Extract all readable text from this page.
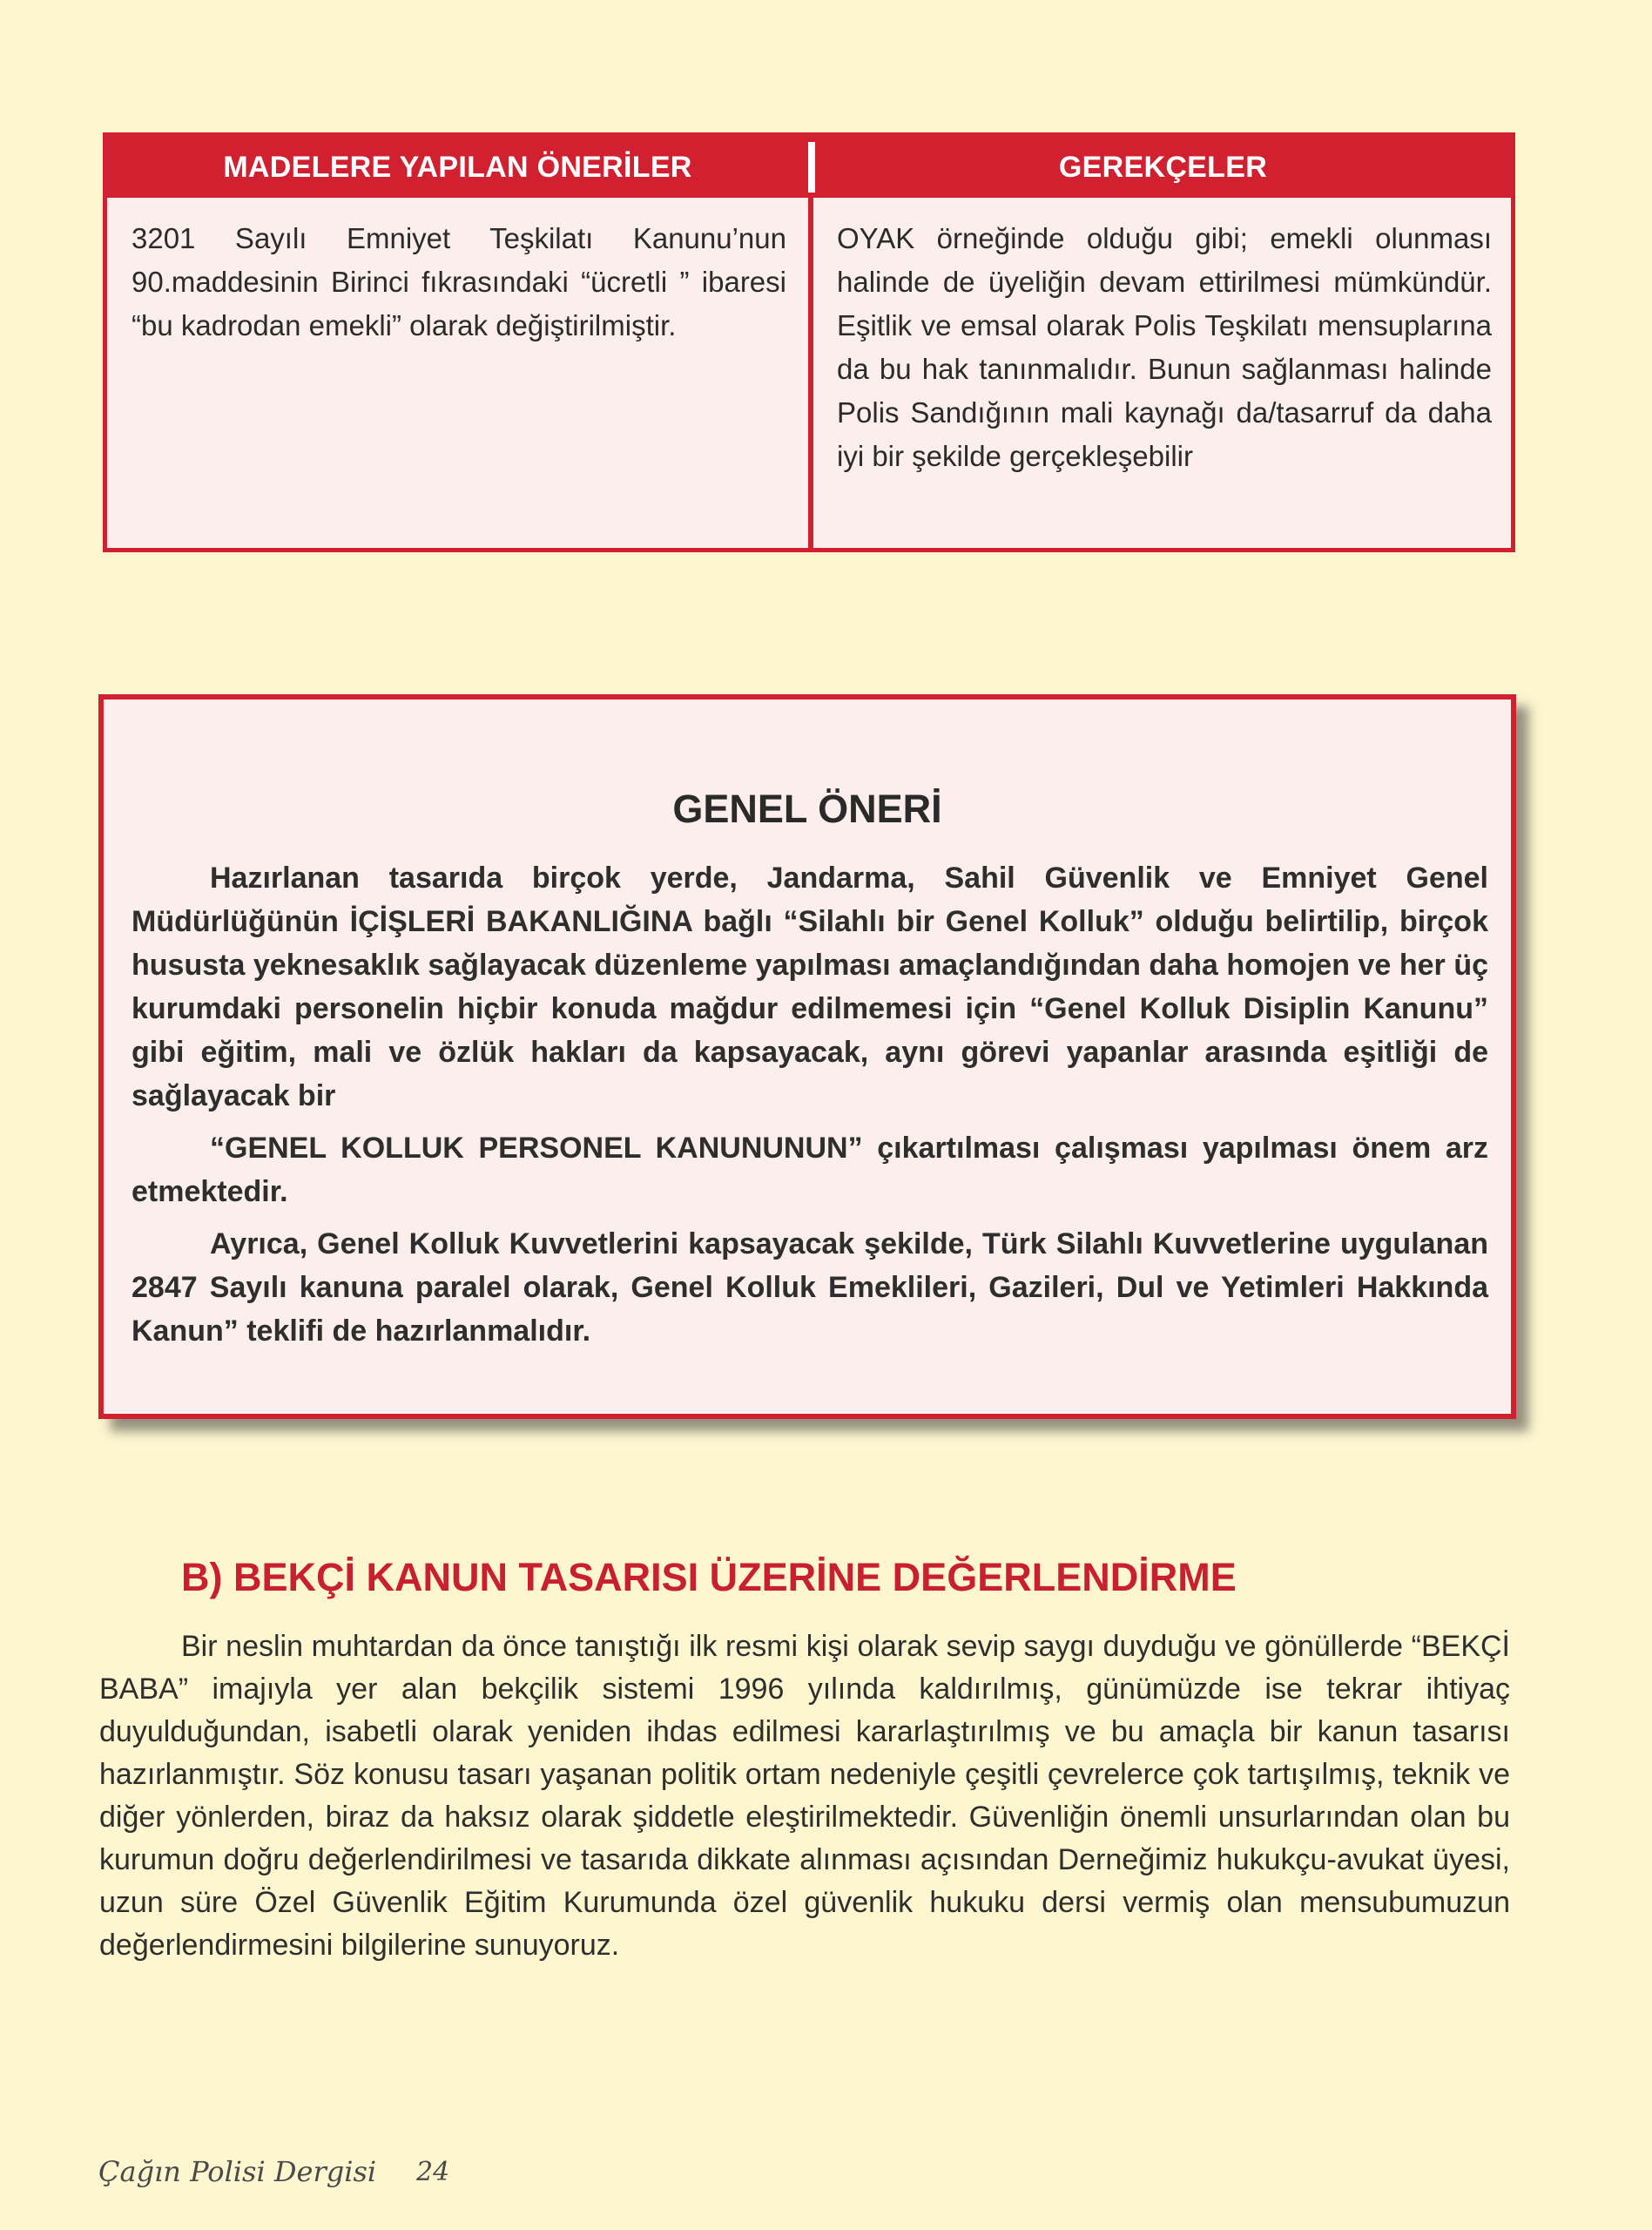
MADELERE YAPILAN ÖNERİLER	GEREKÇELER
3201 Sayılı Emniyet Teşkilatı Kanunu’nun 90.maddesinin Birinci fıkrasındaki “ücretli ” ibaresi “bu kadrodan emekli” olarak değiştirilmiştir.
OYAK örneğinde olduğu gibi; emekli olunması halinde de üyeliğin devam ettirilmesi mümkündür. Eşitlik ve emsal olarak Polis Teşkilatı mensuplarına da bu hak tanınmalıdır. Bunun sağlanması halinde Polis Sandığının mali kaynağı da/tasarruf da daha iyi bir şekilde gerçekleşebilir
GENEL ÖNERİ

Hazırlanan tasarıda birçok yerde, Jandarma, Sahil Güvenlik ve Emniyet Genel Müdürlüğünün İÇİŞLERİ BAKANLIĞINA bağlı “Silahlı bir Genel Kolluk” olduğu belirtilip, birçok hususta yeknesaklık sağlayacak düzenleme yapılması amaçlandığından daha homojen ve her üç kurumdaki personelin hiçbir konuda mağdur edilmemesi için “Genel Kolluk Disiplin Kanunu” gibi eğitim, mali ve özlük hakları da kapsayacak, aynı görevi yapanlar arasında eşitliği de sağlayacak bir

“GENEL KOLLUK PERSONEL KANUNUNUN” çıkartılması çalışması yapılması önem arz etmektedir.

Ayrıca, Genel Kolluk Kuvvetlerini kapsayacak şekilde, Türk Silahlı Kuvvetlerine uygulanan 2847 Sayılı kanuna paralel olarak, Genel Kolluk Emeklileri, Gazileri, Dul ve Yetimleri Hakkında Kanun” teklifi de hazırlanmalıdır.

B) BEKÇİ KANUN TASARISI ÜZERİNE DEĞERLENDİRME

Bir neslin muhtardan da önce tanıştığı ilk resmi kişi olarak sevip saygı duyduğu ve gönüllerde “BEKÇİ BABA” imajıyla yer alan bekçilik sistemi 1996 yılında kaldırılmış, günümüzde ise tekrar ihtiyaç duyulduğundan, isabetli olarak yeniden ihdas edilmesi kararlaştırılmış ve bu amaçla bir kanun tasarısı hazırlanmıştır. Söz konusu tasarı yaşanan politik ortam nedeniyle çeşitli çevrelerce çok tartışılmış, teknik ve diğer yönlerden, biraz da haksız olarak şiddetle eleştirilmektedir. Güvenliğin önemli unsurlarından olan bu kurumun doğru değerlendirilmesi ve tasarıda dikkate alınması açısından Derneğimiz hukukçu-avukat üyesi, uzun süre Özel Güvenlik Eğitim Kurumunda özel güvenlik hukuku dersi vermiş olan mensubumuzun değerlendirmesini bilgilerine sunuyoruz.

Çağın Polisi Dergisi 24
